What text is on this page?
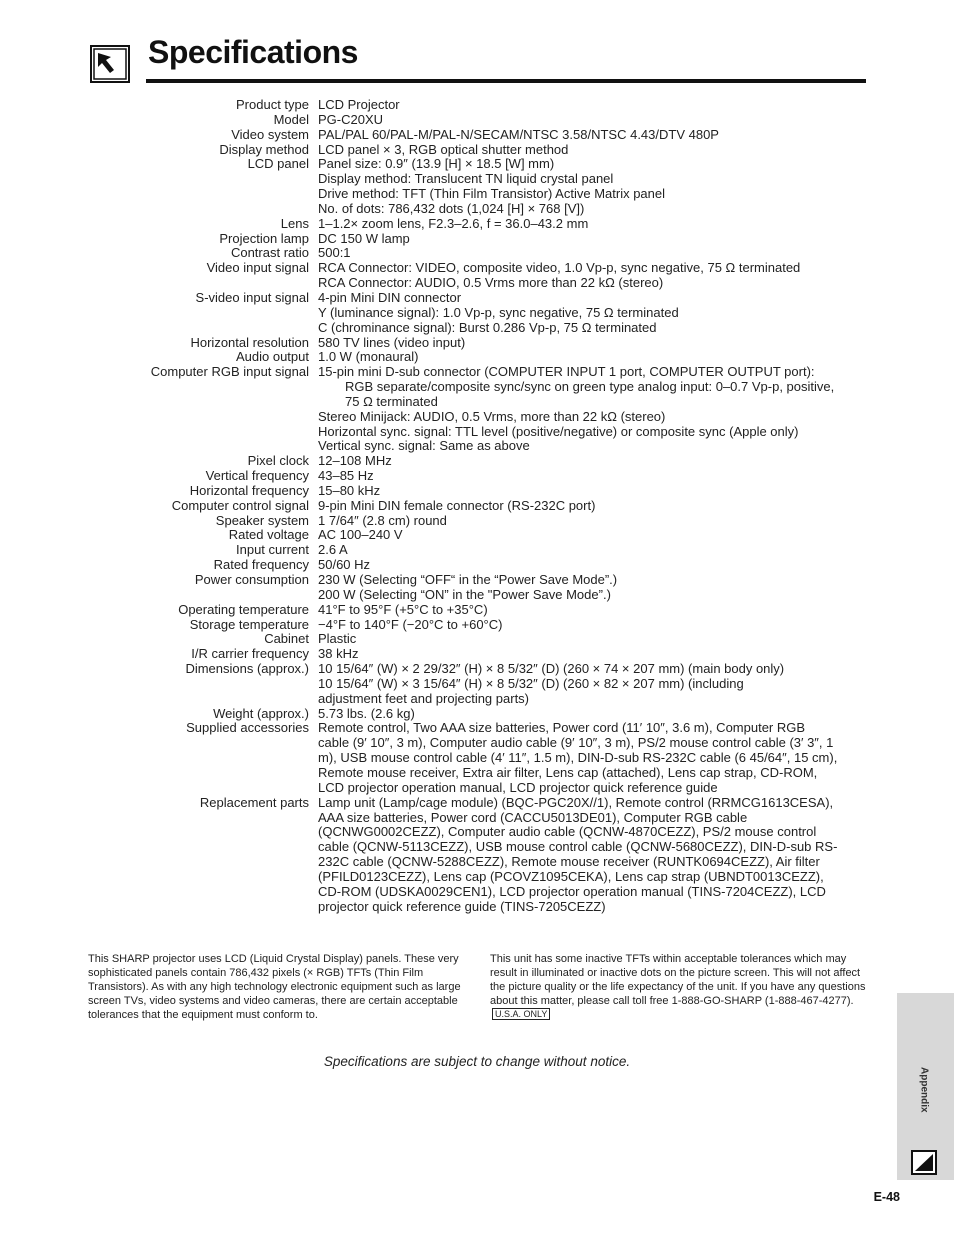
Specifications
Product type LCD Projector
Model PG-C20XU
Video system PAL/PAL 60/PAL-M/PAL-N/SECAM/NTSC 3.58/NTSC 4.43/DTV 480P
Display method LCD panel × 3, RGB optical shutter method
LCD panel Panel size: 0.9″ (13.9 [H] × 18.5 [W] mm)
Display method: Translucent TN liquid crystal panel
Drive method: TFT (Thin Film Transistor) Active Matrix panel
No. of dots: 786,432 dots (1,024 [H] × 768 [V])
Lens 1–1.2× zoom lens, F2.3–2.6, f = 36.0–43.2 mm
Projection lamp DC 150 W lamp
Contrast ratio 500:1
Video input signal RCA Connector: VIDEO, composite video, 1.0 Vp-p, sync negative, 75 Ω terminated
RCA Connector: AUDIO, 0.5 Vrms more than 22 kΩ (stereo)
S-video input signal 4-pin Mini DIN connector
Y (luminance signal): 1.0 Vp-p, sync negative, 75 Ω terminated
C (chrominance signal): Burst 0.286 Vp-p, 75 Ω terminated
Horizontal resolution 580 TV lines (video input)
Audio output 1.0 W (monaural)
Computer RGB input signal 15-pin mini D-sub connector (COMPUTER INPUT 1 port, COMPUTER OUTPUT port):
RGB separate/composite sync/sync on green type analog input: 0–0.7 Vp-p, positive,
75 Ω terminated
Stereo Minijack: AUDIO, 0.5 Vrms, more than 22 kΩ (stereo)
Horizontal sync. signal: TTL level (positive/negative) or composite sync (Apple only)
Vertical sync. signal: Same as above
Pixel clock 12–108 MHz
Vertical frequency 43–85 Hz
Horizontal frequency 15–80 kHz
Computer control signal 9-pin Mini DIN female connector (RS-232C port)
Speaker system 1 7/64″ (2.8 cm) round
Rated voltage AC 100–240 V
Input current 2.6 A
Rated frequency 50/60 Hz
Power consumption 230 W (Selecting “OFF“ in the “Power Save Mode”.)
200 W (Selecting “ON” in the "Power Save Mode”.)
Operating temperature 41°F to 95°F (+5°C to +35°C)
Storage temperature −4°F to 140°F (−20°C to +60°C)
Cabinet Plastic
I/R carrier frequency 38 kHz
Dimensions (approx.) 10 15/64″ (W) × 2 29/32″ (H) × 8 5/32″ (D) (260 × 74 × 207 mm) (main body only)
10 15/64″ (W) × 3 15/64″ (H) × 8 5/32″ (D) (260 × 82 × 207 mm) (including
adjustment feet and projecting parts)
Weight (approx.) 5.73 lbs. (2.6 kg)
Supplied accessories Remote control, Two AAA size batteries, Power cord (11′ 10″, 3.6 m), Computer RGB
cable (9′ 10″, 3 m), Computer audio cable (9′ 10″, 3 m), PS/2 mouse control cable (3′ 3″, 1
m), USB mouse control cable (4′ 11″, 1.5 m), DIN-D-sub RS-232C cable (6 45/64″, 15 cm),
Remote mouse receiver, Extra air filter, Lens cap (attached), Lens cap strap, CD-ROM,
LCD projector operation manual, LCD projector quick reference guide
Replacement parts Lamp unit (Lamp/cage module) (BQC-PGC20X//1), Remote control (RRMCG1613CESA),
AAA size batteries, Power cord (CACCU5013DE01), Computer RGB cable
(QCNWG0002CEZZ), Computer audio cable (QCNW-4870CEZZ), PS/2 mouse control
cable (QCNW-5113CEZZ), USB mouse control cable (QCNW-5680CEZZ), DIN-D-sub RS-
232C cable (QCNW-5288CEZZ), Remote mouse receiver (RUNTK0694CEZZ), Air filter
(PFILD0123CEZZ), Lens cap (PCOVZ1095CEKA), Lens cap strap (UBNDT0013CEZZ),
CD-ROM (UDSKA0029CEN1), LCD projector operation manual (TINS-7204CEZZ), LCD
projector quick reference guide (TINS-7205CEZZ)
This SHARP projector uses LCD (Liquid Crystal Display) panels. These very sophisticated panels contain 786,432 pixels (× RGB) TFTs (Thin Film Transistors). As with any high technology electronic equipment such as large screen TVs, video systems and video cameras, there are certain acceptable tolerances that the equipment must conform to.
This unit has some inactive TFTs within acceptable tolerances which may result in illuminated or inactive dots on the picture screen. This will not affect the picture quality or the life expectancy of the unit. If you have any questions about this matter, please call toll free 1-888-GO-SHARP (1-888-467-4277).U.S.A. ONLY
Specifications are subject to change without notice.
Appendix
E-48
